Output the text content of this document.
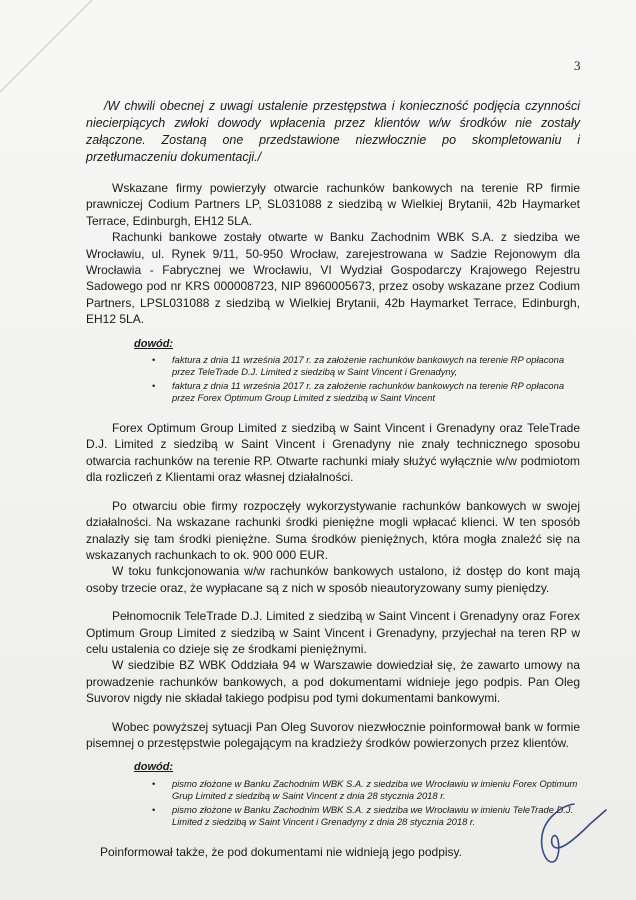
3

/W chwili obecnej z uwagi ustalenie przestępstwa i konieczność podjęcia czynności niecierpiących zwłoki dowody wpłacenia przez klientów w/w środków nie zostały załączone. Zostaną one przedstawione niezwłocznie po skompletowaniu i przetłumaczeniu dokumentacji./

Wskazane firmy powierzyły otwarcie rachunków bankowych na terenie RP firmie prawniczej Codium Partners LP, SL031088 z siedzibą w Wielkiej Brytanii, 42b Haymarket Terrace, Edinburgh, EH12 5LA.

Rachunki bankowe zostały otwarte w Banku Zachodnim WBK S.A. z siedziba we Wrocławiu, ul. Rynek 9/11, 50-950 Wrocław, zarejestrowana w Sadzie Rejonowym dla Wrocławia - Fabrycznej we Wrocławiu, VI Wydział Gospodarczy Krajowego Rejestru Sadowego pod nr KRS 000008723, NIP 8960005673, przez osoby wskazane przez Codium Partners, LPSL031088 z siedzibą w Wielkiej Brytanii, 42b Haymarket Terrace, Edinburgh, EH12 5LA.

dowód:
• faktura z dnia 11 września 2017 r. za założenie rachunków bankowych na terenie RP opłacona przez TeleTrade D.J. Limited z siedzibą w Saint Vincent i Grenadyny,
• faktura z dnia 11 września 2017 r. za założenie rachunków bankowych na terenie RP opłacona przez Forex Optimum Group Limited z siedzibą w Saint Vincent

Forex Optimum Group Limited z siedzibą w Saint Vincent i Grenadyny oraz TeleTrade D.J. Limited z siedzibą w Saint Vincent i Grenadyny nie znały technicznego sposobu otwarcia rachunków na terenie RP. Otwarte rachunki miały służyć wyłącznie w/w podmiotom dla rozliczeń z Klientami oraz własnej działalności.

Po otwarciu obie firmy rozpoczęły wykorzystywanie rachunków bankowych w swojej działalności. Na wskazane rachunki środki pieniężne mogli wpłacać klienci. W ten sposób znalazły się tam środki pieniężne. Suma środków pieniężnych, która mogła znaleźć się na wskazanych rachunkach to ok. 900 000 EUR.

W toku funkcjonowania w/w rachunków bankowych ustalono, iż dostęp do kont mają osoby trzecie oraz, że wypłacane są z nich w sposób nieautoryzowany sumy pieniędzy.

Pełnomocnik TeleTrade D.J. Limited z siedzibą w Saint Vincent i Grenadyny oraz Forex Optimum Group Limited z siedzibą w Saint Vincent i Grenadyny, przyjechał na teren RP w celu ustalenia co dzieje się ze środkami pieniężnymi.

W siedzibie BZ WBK Oddziała 94 w Warszawie dowiedział się, że zawarto umowy na prowadzenie rachunków bankowych, a pod dokumentami widnieje jego podpis. Pan Oleg Suvorov nigdy nie składał takiego podpisu pod tymi dokumentami bankowymi.

Wobec powyższej sytuacji Pan Oleg Suvorov niezwłocznie poinformował bank w formie pisemnej o przestępstwie polegającym na kradzieży środków powierzonych przez klientów.

dowód:
• pismo złożone w Banku Zachodnim WBK S.A. z siedziba we Wrocławiu w imieniu Forex Optimum Grup Limited z siedzibą w Saint Vincent z dnia 28 stycznia 2018 r.
• pismo złożone w Banku Zachodnim WBK S.A. z siedziba we Wrocławiu w imieniu TeleTrade D.J. Limited z siedzibą w Saint Vincent i Grenadyny z dnia 28 stycznia 2018 r.

Poinformował także, że pod dokumentami nie widnieją jego podpisy.
